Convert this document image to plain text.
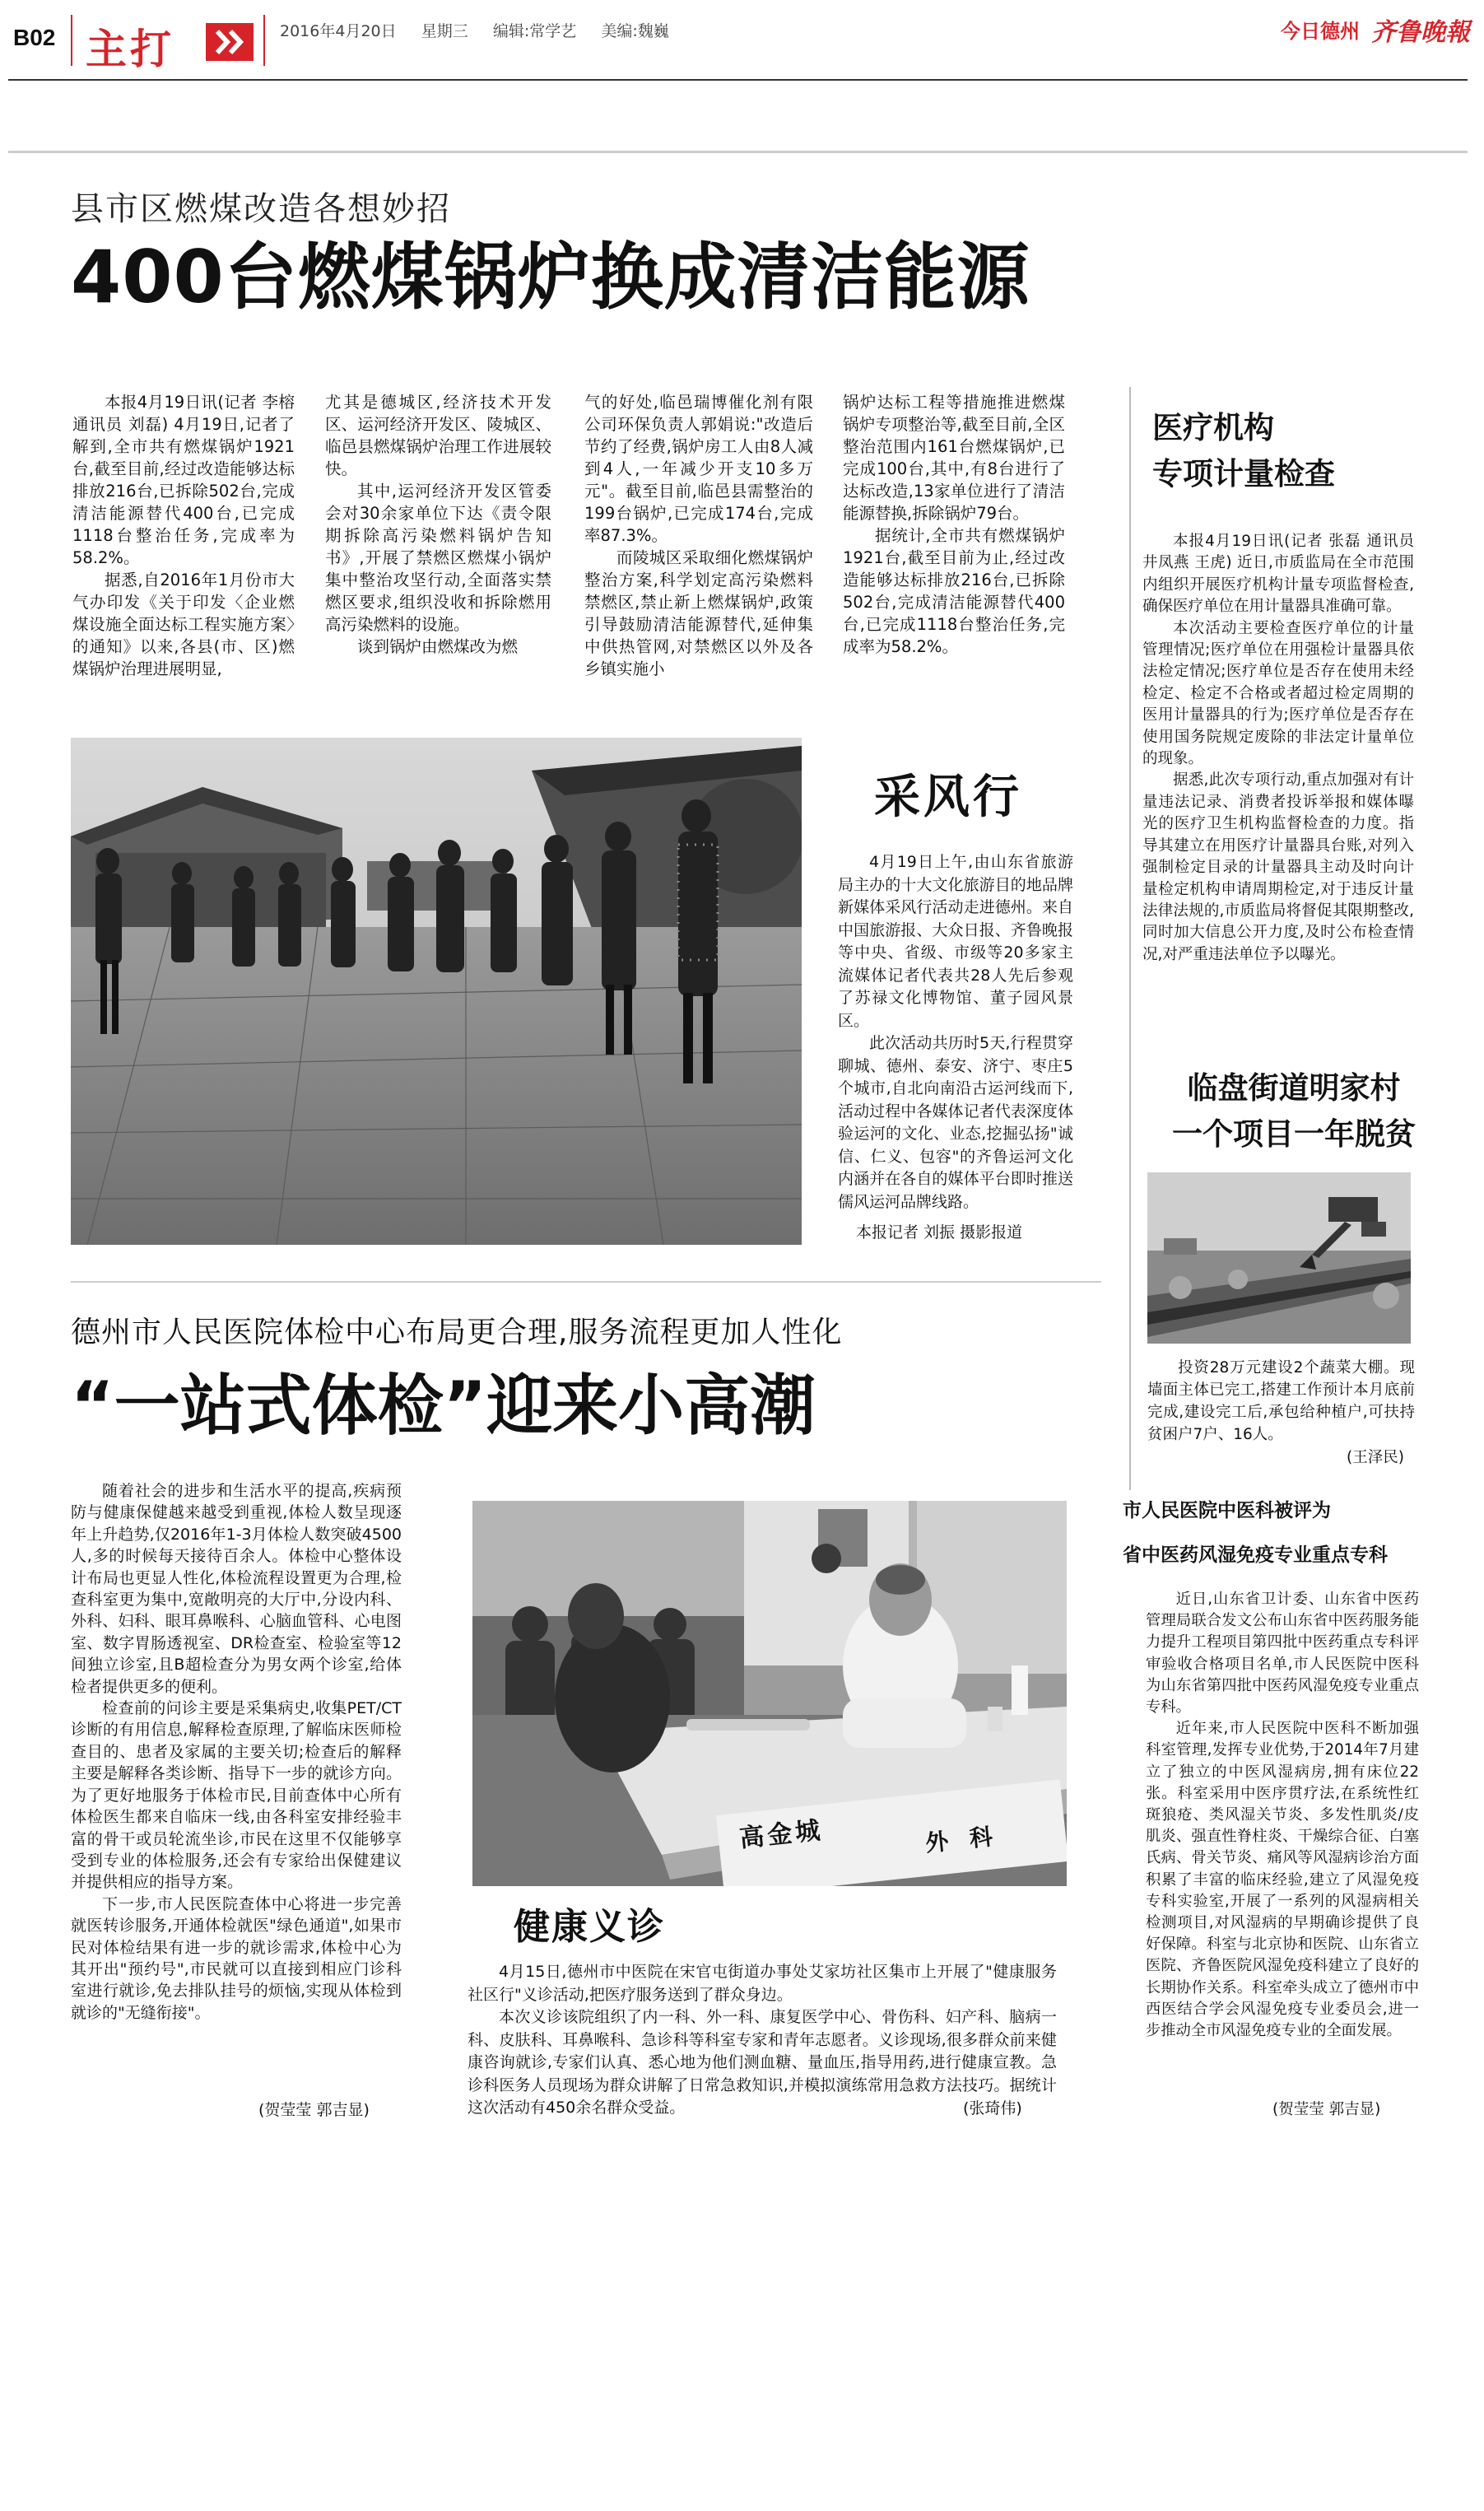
B02 主打	2016年4月20日 星期三 编辑:常学艺 美编:魏巍	今日德州 齐鲁晚報
县市区燃煤改造各想妙招
400台燃煤锅炉换成清洁能源

本报4月19日讯(记者 李榕 通讯员 刘磊) 4月19日,记者了解到,全市共有燃煤锅炉1921台,截至目前,经过改造能够达标排放216台,已拆除502台,完成清洁能源替代400台,已完成1118台整治任务,完成率为58.2%。

据悉,自2016年1月份市大气办印发《关于印发〈企业燃煤设施全面达标工程实施方案〉的通知》以来,各县(市、区)燃煤锅炉治理进展明显,

尤其是德城区,经济技术开发区、运河经济开发区、陵城区、临邑县燃煤锅炉治理工作进展较快。

其中,运河经济开发区管委会对30余家单位下达《责令限期拆除高污染燃料锅炉告知书》,开展了禁燃区燃煤小锅炉集中整治攻坚行动,全面落实禁燃区要求,组织没收和拆除燃用高污染燃料的设施。

谈到锅炉由燃煤改为燃

气的好处,临邑瑞博催化剂有限公司环保负责人郭娟说:"改造后节约了经费,锅炉房工人由8人减到4人,一年减少开支10多万元"。截至目前,临邑县需整治的199台锅炉,已完成174台,完成率87.3%。

而陵城区采取细化燃煤锅炉整治方案,科学划定高污染燃料禁燃区,禁止新上燃煤锅炉,政策引导鼓励清洁能源替代,延伸集中供热管网,对禁燃区以外及各乡镇实施小

锅炉达标工程等措施推进燃煤锅炉专项整治等,截至目前,全区整治范围内161台燃煤锅炉,已完成100台,其中,有8台进行了达标改造,13家单位进行了清洁能源替换,拆除锅炉79台。

据统计,全市共有燃煤锅炉1921台,截至目前为止,经过改造能够达标排放216台,已拆除502台,完成清洁能源替代400台,已完成1118台整治任务,完成率为58.2%。

医疗机构
专项计量检查

本报4月19日讯(记者 张磊 通讯员 井凤燕 王虎) 近日,市质监局在全市范围内组织开展医疗机构计量专项监督检查,确保医疗单位在用计量器具准确可靠。

本次活动主要检查医疗单位的计量管理情况;医疗单位在用强检计量器具依法检定情况;医疗单位是否存在使用未经检定、检定不合格或者超过检定周期的医用计量器具的行为;医疗单位是否存在使用国务院规定废除的非法定计量单位的现象。

据悉,此次专项行动,重点加强对有计量违法记录、消费者投诉举报和媒体曝光的医疗卫生机构监督检查的力度。指导其建立在用医疗计量器具台账,对列入强制检定目录的计量器具主动及时向计量检定机构申请周期检定,对于违反计量法律法规的,市质监局将督促其限期整改,同时加大信息公开力度,及时公布检查情况,对严重违法单位予以曝光。

采风行

4月19日上午,由山东省旅游局主办的十大文化旅游目的地品牌新媒体采风行活动走进德州。来自中国旅游报、大众日报、齐鲁晚报等中央、省级、市级等20多家主流媒体记者代表共28人先后参观了苏禄文化博物馆、董子园风景区。

此次活动共历时5天,行程贯穿聊城、德州、泰安、济宁、枣庄5个城市,自北向南沿古运河线而下,活动过程中各媒体记者代表深度体验运河的文化、业态,挖掘弘扬"诚信、仁义、包容"的齐鲁运河文化内涵并在各自的媒体平台即时推送儒风运河品牌线路。

本报记者 刘振 摄影报道
临盘街道明家村
一个项目一年脱贫

投资28万元建设2个蔬菜大棚。现墙面主体已完工,搭建工作预计本月底前完成,建设完工后,承包给种植户,可扶持贫困户7户、16人。

(王泽民)
德州市人民医院体检中心布局更合理,服务流程更加人性化
“一站式体检”迎来小高潮

随着社会的进步和生活水平的提高,疾病预防与健康保健越来越受到重视,体检人数呈现逐年上升趋势,仅2016年1-3月体检人数突破4500人,多的时候每天接待百余人。体检中心整体设计布局也更显人性化,体检流程设置更为合理,检查科室更为集中,宽敞明亮的大厅中,分设内科、外科、妇科、眼耳鼻喉科、心脑血管科、心电图室、数字胃肠透视室、DR检查室、检验室等12间独立诊室,且B超检查分为男女两个诊室,给体检者提供更多的便利。

检查前的问诊主要是采集病史,收集PET/CT诊断的有用信息,解释检查原理,了解临床医师检查目的、患者及家属的主要关切;检查后的解释主要是解释各类诊断、指导下一步的就诊方向。为了更好地服务于体检市民,目前查体中心所有体检医生都来自临床一线,由各科室安排经验丰富的骨干或员轮流坐诊,市民在这里不仅能够享受到专业的体检服务,还会有专家给出保健建议并提供相应的指导方案。

下一步,市人民医院查体中心将进一步完善就医转诊服务,开通体检就医"绿色通道",如果市民对体检结果有进一步的就诊需求,体检中心为其开出"预约号",市民就可以直接到相应门诊科室进行就诊,免去排队挂号的烦恼,实现从体检到就诊的"无缝衔接"。

(贺莹莹 郭吉显)
高金城	外 科
健康义诊

4月15日,德州市中医院在宋官屯街道办事处艾家坊社区集市上开展了"健康服务社区行"义诊活动,把医疗服务送到了群众身边。

本次义诊该院组织了内一科、外一科、康复医学中心、骨伤科、妇产科、脑病一科、皮肤科、耳鼻喉科、急诊科等科室专家和青年志愿者。义诊现场,很多群众前来健康咨询就诊,专家们认真、悉心地为他们测血糖、量血压,指导用药,进行健康宣教。急诊科医务人员现场为群众讲解了日常急救知识,并模拟演练常用急救方法技巧。据统计这次活动有450余名群众受益。	(张琦伟)
市人民医院中医科被评为
省中医药风湿免疫专业重点专科

近日,山东省卫计委、山东省中医药管理局联合发文公布山东省中医药服务能力提升工程项目第四批中医药重点专科评审验收合格项目名单,市人民医院中医科为山东省第四批中医药风湿免疫专业重点专科。

近年来,市人民医院中医科不断加强科室管理,发挥专业优势,于2014年7月建立了独立的中医风湿病房,拥有床位22张。科室采用中医序贯疗法,在系统性红斑狼疮、类风湿关节炎、多发性肌炎/皮肌炎、强直性脊柱炎、干燥综合征、白塞氏病、骨关节炎、痛风等风湿病诊治方面积累了丰富的临床经验,建立了风湿免疫专科实验室,开展了一系列的风湿病相关检测项目,对风湿病的早期确诊提供了良好保障。科室与北京协和医院、山东省立医院、齐鲁医院风湿免疫科建立了良好的长期协作关系。科室牵头成立了德州市中西医结合学会风湿免疫专业委员会,进一步推动全市风湿免疫专业的全面发展。

(贺莹莹 郭吉显)
